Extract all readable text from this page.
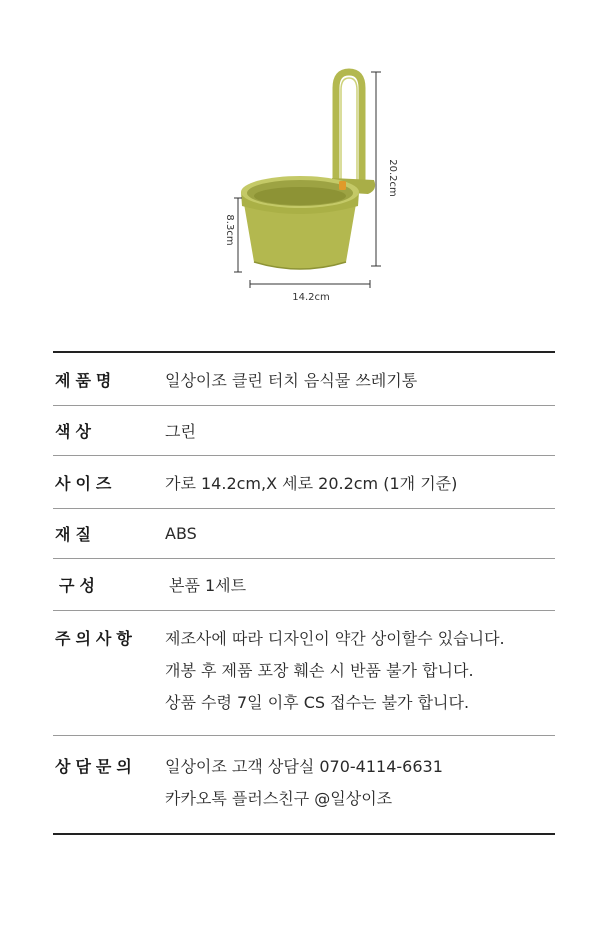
20.2cm
8.3cm
14.2cm
제품명	일상이조 클린 터치 음식물 쓰레기통
색상	그린
사이즈	가로 14.2cm,X 세로 20.2cm (1개 기준)
재질	ABS
구성	본품 1세트
주의사항	제조사에 따라 디자인이 약간 상이할수 있습니다.
개봉 후 제품 포장 훼손 시 반품 불가 합니다.
상품 수령 7일 이후 CS 접수는 불가 합니다.
상담문의	일상이조 고객 상담실 070-4114-6631
카카오톡 플러스친구 @일상이조
